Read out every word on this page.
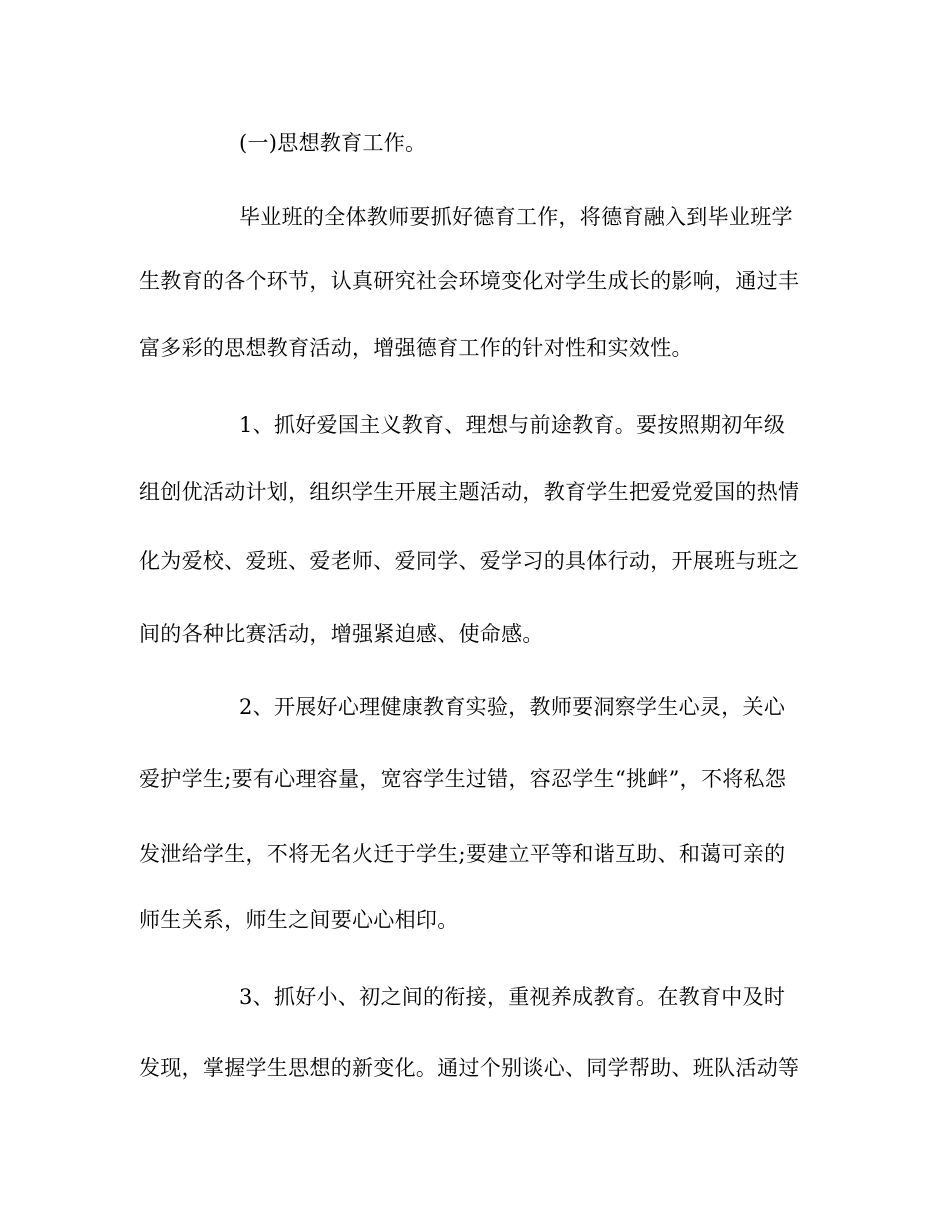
(一)思想教育工作。
毕业班的全体教师要抓好德育工作，将德育融入到毕业班学
生教育的各个环节，认真研究社会环境变化对学生成长的影响，通过丰
富多彩的思想教育活动，增强德育工作的针对性和实效性。
1、抓好爱国主义教育、理想与前途教育。要按照期初年级
组创优活动计划，组织学生开展主题活动，教育学生把爱党爱国的热情
化为爱校、爱班、爱老师、爱同学、爱学习的具体行动，开展班与班之
间的各种比赛活动，增强紧迫感、使命感。
2、开展好心理健康教育实验，教师要洞察学生心灵，关心
爱护学生;要有心理容量，宽容学生过错，容忍学生“挑衅”，不将私怨
发泄给学生，不将无名火迁于学生;要建立平等和谐互助、和蔼可亲的
师生关系，师生之间要心心相印。
3、抓好小、初之间的衔接，重视养成教育。在教育中及时
发现，掌握学生思想的新变化。通过个别谈心、同学帮助、班队活动等
